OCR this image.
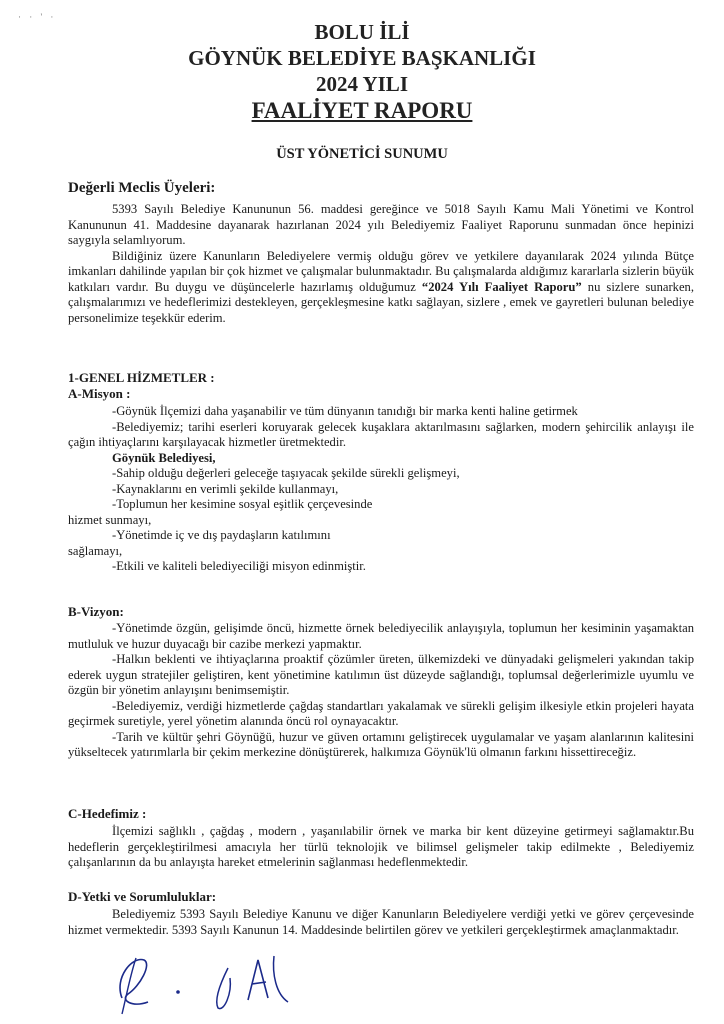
· · ' ·
BOLU İLİ
GÖYNÜK BELEDİYE BAŞKANLIĞI
2024 YILI
FAALİYET RAPORU
ÜST YÖNETİCİ SUNUMU
Değerli Meclis Üyeleri:

5393 Sayılı Belediye Kanununun 56. maddesi gereğince ve 5018 Sayılı Kamu Mali Yönetimi ve Kontrol Kanununun 41. Maddesine dayanarak hazırlanan 2024 yılı Belediyemiz Faaliyet Raporunu sunmadan önce hepinizi saygıyla selamlıyorum.

Bildiğiniz üzere Kanunların Belediyelere vermiş olduğu görev ve yetkilere dayanılarak 2024 yılında Bütçe imkanları dahilinde yapılan bir çok hizmet ve çalışmalar bulunmaktadır. Bu çalışmalarda aldığımız kararlarla sizlerin büyük katkıları vardır. Bu duygu ve düşüncelerle hazırlamış olduğumuz “2024 Yılı Faaliyet Raporu” nu sizlere sunarken, çalışmalarımızı ve hedeflerimizi destekleyen, gerçekleşmesine katkı sağlayan, sizlere , emek ve gayretleri bulunan belediye personelimize teşekkür ederim.

1-GENEL HİZMETLER :
A-Misyon :

-Göynük İlçemizi daha yaşanabilir ve tüm dünyanın tanıdığı bir marka kenti haline getirmek

-Belediyemiz; tarihi eserleri koruyarak gelecek kuşaklara aktarılmasını sağlarken, modern şehircilik anlayışı ile çağın ihtiyaçlarını karşılayacak hizmetler üretmektedir.

Göynük Belediyesi,

-Sahip olduğu değerleri geleceğe taşıyacak şekilde sürekli gelişmeyi,

-Kaynaklarını en verimli şekilde kullanmayı,

-Toplumun her kesimine sosyal eşitlik çerçevesinde

hizmet sunmayı,

-Yönetimde iç ve dış paydaşların katılımını

sağlamayı,

-Etkili ve kaliteli belediyeciliği misyon edinmiştir.

B-Vizyon:

-Yönetimde özgün, gelişimde öncü, hizmette örnek belediyecilik anlayışıyla, toplumun her kesiminin yaşamaktan mutluluk ve huzur duyacağı bir cazibe merkezi yapmaktır.

-Halkın beklenti ve ihtiyaçlarına proaktif çözümler üreten, ülkemizdeki ve dünyadaki gelişmeleri yakından takip ederek uygun stratejiler geliştiren, kent yönetimine katılımın üst düzeyde sağlandığı, toplumsal değerlerimizle uyumlu ve özgün bir yönetim anlayışını benimsemiştir.

-Belediyemiz, verdiği hizmetlerde çağdaş standartları yakalamak ve sürekli gelişim ilkesiyle etkin projeleri hayata geçirmek suretiyle, yerel yönetim alanında öncü rol oynayacaktır.

-Tarih ve kültür şehri Göynüğü, huzur ve güven ortamını geliştirecek uygulamalar ve yaşam alanlarının kalitesini yükseltecek yatırımlarla bir çekim merkezine dönüştürerek, halkımıza Göynük'lü olmanın farkını hissettireceğiz.

C-Hedefimiz :

İlçemizi sağlıklı , çağdaş , modern , yaşanılabilir örnek ve marka bir kent düzeyine getirmeyi sağlamaktır.Bu hedeflerin gerçekleştirilmesi amacıyla her türlü teknolojik ve bilimsel gelişmeler takip edilmekte , Belediyemiz çalışanlarının da bu anlayışta hareket etmelerinin sağlanması hedeflenmektedir.

D-Yetki ve Sorumluluklar:

Belediyemiz 5393 Sayılı Belediye Kanunu ve diğer Kanunların Belediyelere verdiği yetki ve görev çerçevesinde hizmet vermektedir. 5393 Sayılı Kanunun 14. Maddesinde belirtilen görev ve yetkileri gerçekleştirmek amaçlanmaktadır.
